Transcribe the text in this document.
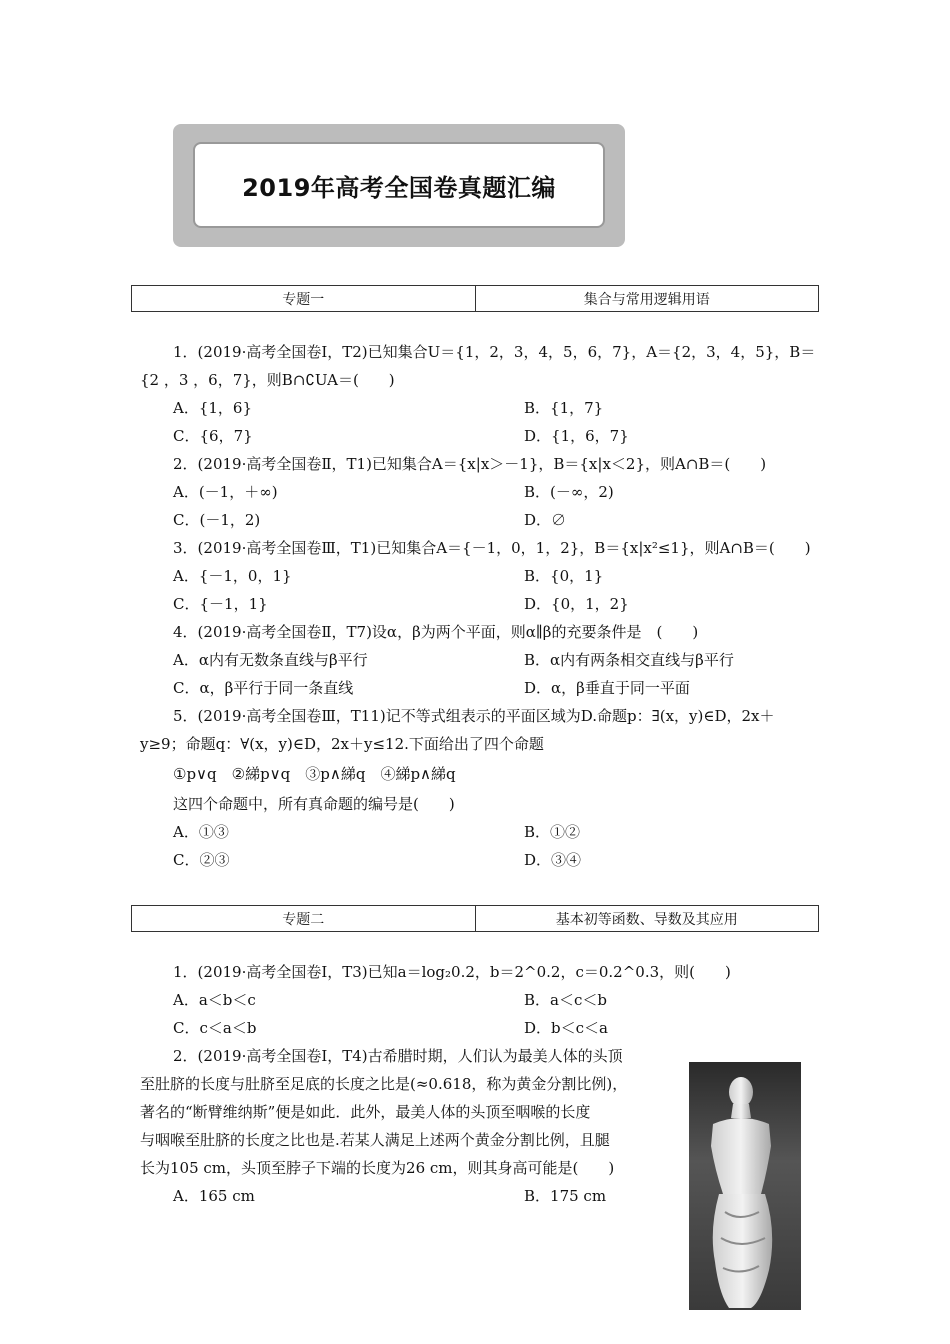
2019年高考全国卷真题汇编
专题一	集合与常用逻辑用语
1．(2019·高考全国卷Ⅰ，T2)已知集合U＝{1，2，3，4，5，6，7}，A＝{2，3，4，5}，B＝
{2 ，3 ，6，7}，则B∩∁UA＝(　　)
A．{1，6}	B．{1，7}
C．{6，7}	D．{1，6，7}
2．(2019·高考全国卷Ⅱ，T1)已知集合A＝{x|x＞－1}，B＝{x|x＜2}，则A∩B＝(　　)
A．(－1，＋∞)	B．(－∞，2)
C．(－1，2)	D．∅
3．(2019·高考全国卷Ⅲ，T1)已知集合A＝{－1，0，1，2}，B＝{x|x²≤1}，则A∩B＝(　　)
A．{－1，0，1}	B．{0，1}
C．{－1，1}	D．{0，1，2}
4．(2019·高考全国卷Ⅱ，T7)设α，β为两个平面，则α∥β的充要条件是　(　　)
A．α内有无数条直线与β平行	B．α内有两条相交直线与β平行
C．α，β平行于同一条直线	D．α，β垂直于同一平面
5．(2019·高考全国卷Ⅲ，T11)记不等式组表示的平面区域为D.命题p：∃(x，y)∈D，2x＋
y≥9；命题q：∀(x，y)∈D，2x＋y≤12.下面给出了四个命题
①p∨q　②綈p∨q　③p∧綈q　④綈p∧綈q
这四个命题中，所有真命题的编号是(　　)
A．①③	B．①②
C．②③	D．③④
专题二	基本初等函数、导数及其应用
1．(2019·高考全国卷Ⅰ，T3)已知a＝log₂0.2，b＝2^0.2，c＝0.2^0.3，则(　　)
A．a＜b＜c	B．a＜c＜b
C．c＜a＜b	D．b＜c＜a
2．(2019·高考全国卷Ⅰ，T4)古希腊时期，人们认为最美人体的头顶
至肚脐的长度与肚脐至足底的长度之比是(≈0.618，称为黄金分割比例)，
著名的“断臂维纳斯”便是如此．此外，最美人体的头顶至咽喉的长度
与咽喉至肚脐的长度之比也是.若某人满足上述两个黄金分割比例，且腿
长为105 cm，头顶至脖子下端的长度为26 cm，则其身高可能是(　　)
A．165 cm	B．175 cm
